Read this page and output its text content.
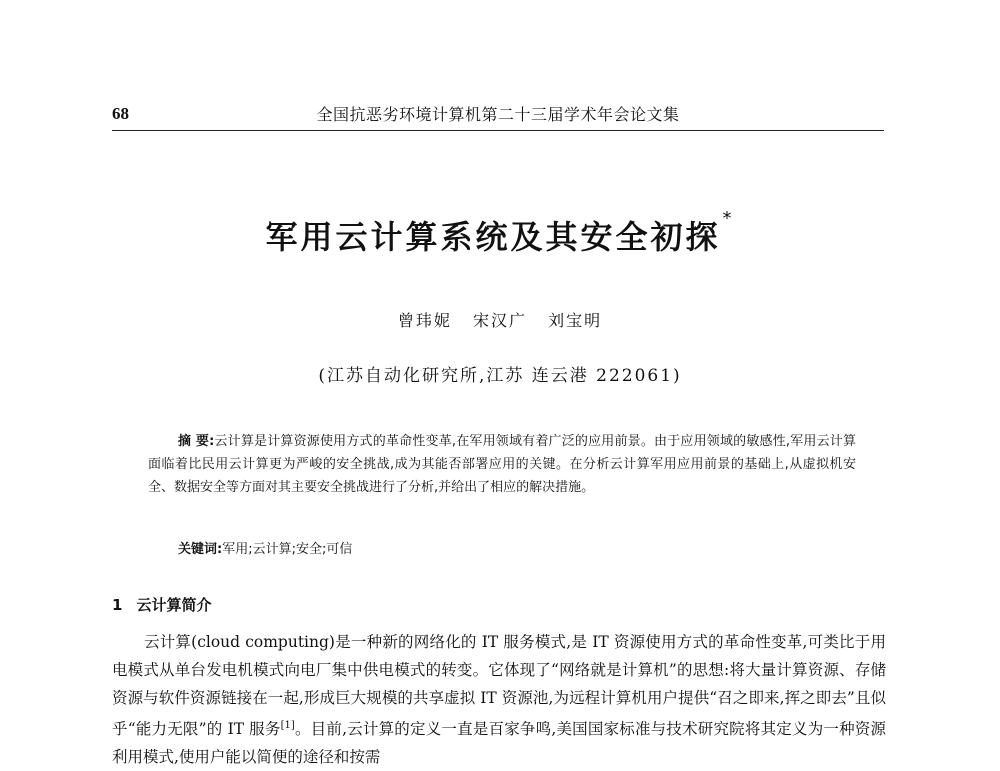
68	全国抗恶劣环境计算机第二十三届学术年会论文集
军用云计算系统及其安全初探 *
曾玮妮 宋汉广 刘宝明
(江苏自动化研究所,江苏 连云港 222061)

摘 要:云计算是计算资源使用方式的革命性变革,在军用领域有着广泛的应用前景。由于应用领域的敏感性,军用云计算面临着比民用云计算更为严峻的安全挑战,成为其能否部署应用的关键。在分析云计算军用应用前景的基础上,从虚拟机安全、数据安全等方面对其主要安全挑战进行了分析,并给出了相应的解决措施。

关键词:军用;云计算;安全;可信
1 云计算简介

云计算(cloud computing)是一种新的网络化的 IT 服务模式,是 IT 资源使用方式的革命性变革,可类比于用电模式从单台发电机模式向电厂集中供电模式的转变。它体现了“网络就是计算机”的思想:将大量计算资源、存储资源与软件资源链接在一起,形成巨大规模的共享虚拟 IT 资源池,为远程计算机用户提供“召之即来,挥之即去”且似乎“能力无限”的 IT 服务[1]。目前,云计算的定义一直是百家争鸣,美国国家标准与技术研究院将其定义为一种资源利用模式,使用户能以简便的途径和按需
